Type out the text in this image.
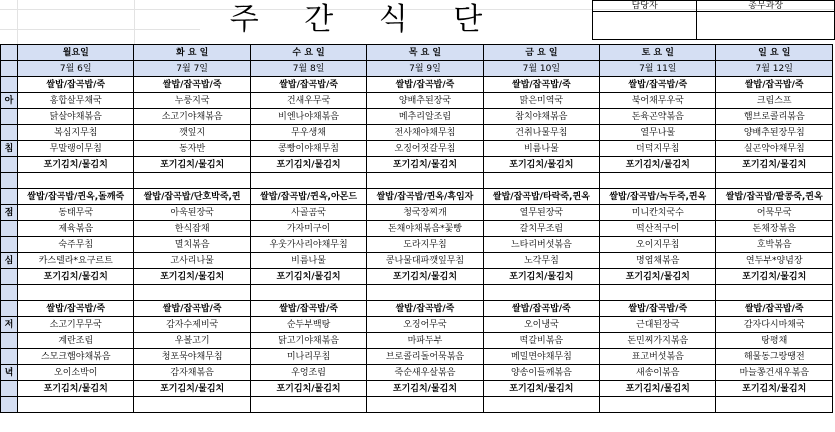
주 간 식 단	담당자	총무과장

	월요일	화 요 일	수 요 일	목 요 일	금 요 일	토 요 일	일 요 일
	7월 6일	7월 7일	7월 8일	7월 9일	7월 10일	7월 11일	7월 12일
	쌀밥/잡곡밥/죽	쌀밥/잡곡밥/죽	쌀밥/잡곡밥/죽	쌀밥/잡곡밥/죽	쌀밥/잡곡밥/죽	쌀밥/잡곡밥/죽	쌀밥/잡곡밥/죽
아	홍합살무채국	누룽지국	건새우무국	양배추된장국	맑은미역국	북어채무우국	크림스프
	닭살야채볶음	소고기야채볶음	비엔나야채볶음	메추리알조림	참치야채볶음	돈육곤약볶음	햄브로콜리볶음
	복심지무침	깻잎지	무우생채	전사채야채무침	건취나물무침	열무나물	양배추된장무침
침	무말랭이무침	동자반	콩빵이야채무침	오징어젓갈무침	비름나물	더덕지무침	실곤약야채무침
	포기김치/물김치	포기김치/물김치	포기김치/물김치	포기김치/물김치	포기김치/물김치	포기김치/물김치	포기김치/물김치

	쌀밥/잡곡밥/퀸옥,돌깨죽	쌀밥/잡곡밥/단호박죽,퀸	쌀밥/잡곡밥/퀸옥,아몬드	쌀밥/잡곡밥/퀸옥/흑임자	쌀밥/잡곡밥/타락죽,퀸옥	쌀밥/잡곡밥/녹두죽,퀸옥	쌀밥/잡곡밥/팥콩죽,퀸옥
점	동태무국	아욱된장국	사골곰국	청국장찌개	열무된장국	미니칸치국수	어묵무국
	제육볶음	한식잡채	가자미구이	돈채야채볶음*꽃빵	갈치무조림	떡산적구이	돈채장볶음
	숙주무침	멸치볶음	우웃가사리야채무침	도라지무침	느타리버섯볶음	오이지무침	호박볶음
심	카스텔라*요구르트	고사리나물	비름나물	콩나물대파깻잎무침	노각무침	명엽채볶음	연두부*양념장
	포기김치/물김치	포기김치/물김치	포기김치/물김치	포기김치/물김치	포기김치/물김치	포기김치/물김치	포기김치/물김치

	쌀밥/잡곡밥/죽	쌀밥/잡곡밥/죽	쌀밥/잡곡밥/죽	쌀밥/잡곡밥/죽	쌀밥/잡곡밥/죽	쌀밥/잡곡밥/죽	쌀밥/잡곡밥/죽
저	소고기무무국	감자수제비국	순두부백탕	오징어무국	오이냉국	근대된장국	감자다시마채국
	계란조림	우볼고기	닭고기야채볶음	마파두부	떡갈비볶음	돈민찌가지볶음	탕평채
	스모크햄야채볶음	청포묵야채무침	미나리무침	브로콜리돌어묵볶음	메밀면야채무침	표고버섯볶음	해물동그랑땡전
녁	오이소박이	감자채볶음	우엉조림	죽순새우살볶음	양송이들깨볶음	새송이볶음	마늘쫑건새우볶음
	포기김치/물김치	포기김치/물김치	포기김치/물김치	포기김치/물김치	포기김치/물김치	포기김치/물김치	포기김치/물김치
